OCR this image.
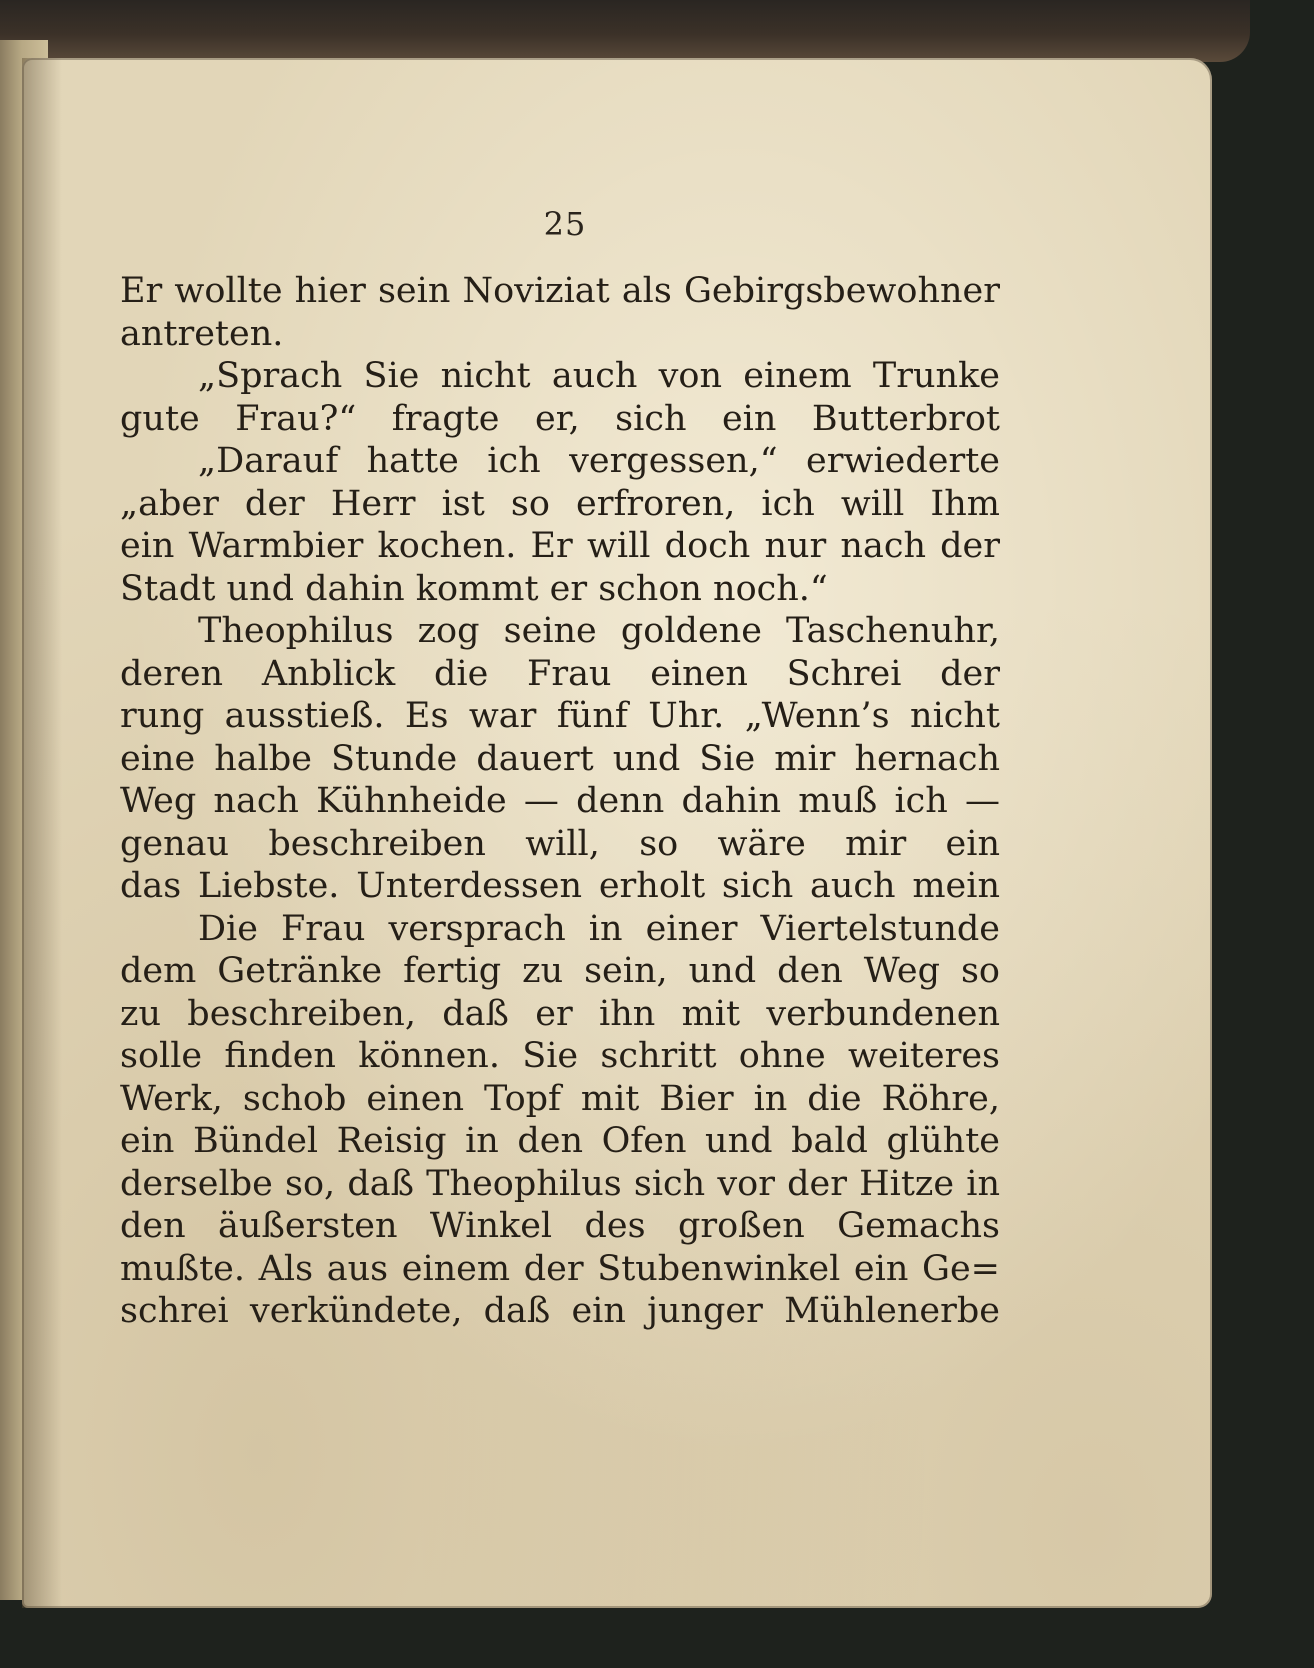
25
Er wollte hier sein Noviziat als Gebirgsbewohner
antreten.
„Sprach Sie nicht auch von einem Trunke
gute Frau?“ fragte er, sich ein Butterbrot
„Darauf hatte ich vergessen,“ erwiederte
„aber der Herr ist so erfroren, ich will Ihm
ein Warmbier kochen. Er will doch nur nach der
Stadt und dahin kommt er schon noch.“
Theophilus zog seine goldene Taschenuhr,
deren Anblick die Frau einen Schrei der
rung ausstieß. Es war fünf Uhr. „Wenn’s nicht
eine halbe Stunde dauert und Sie mir hernach
Weg nach Kühnheide — denn dahin muß ich —
genau beschreiben will, so wäre mir ein
das Liebste. Unterdessen erholt sich auch mein
Die Frau versprach in einer Viertelstunde
dem Getränke fertig zu sein, und den Weg so
zu beschreiben, daß er ihn mit verbundenen
solle finden können. Sie schritt ohne weiteres
Werk, schob einen Topf mit Bier in die Röhre,
ein Bündel Reisig in den Ofen und bald glühte
derselbe so, daß Theophilus sich vor der Hitze in
den äußersten Winkel des großen Gemachs
mußte. Als aus einem der Stubenwinkel ein Ge=
schrei verkündete, daß ein junger Mühlenerbe
